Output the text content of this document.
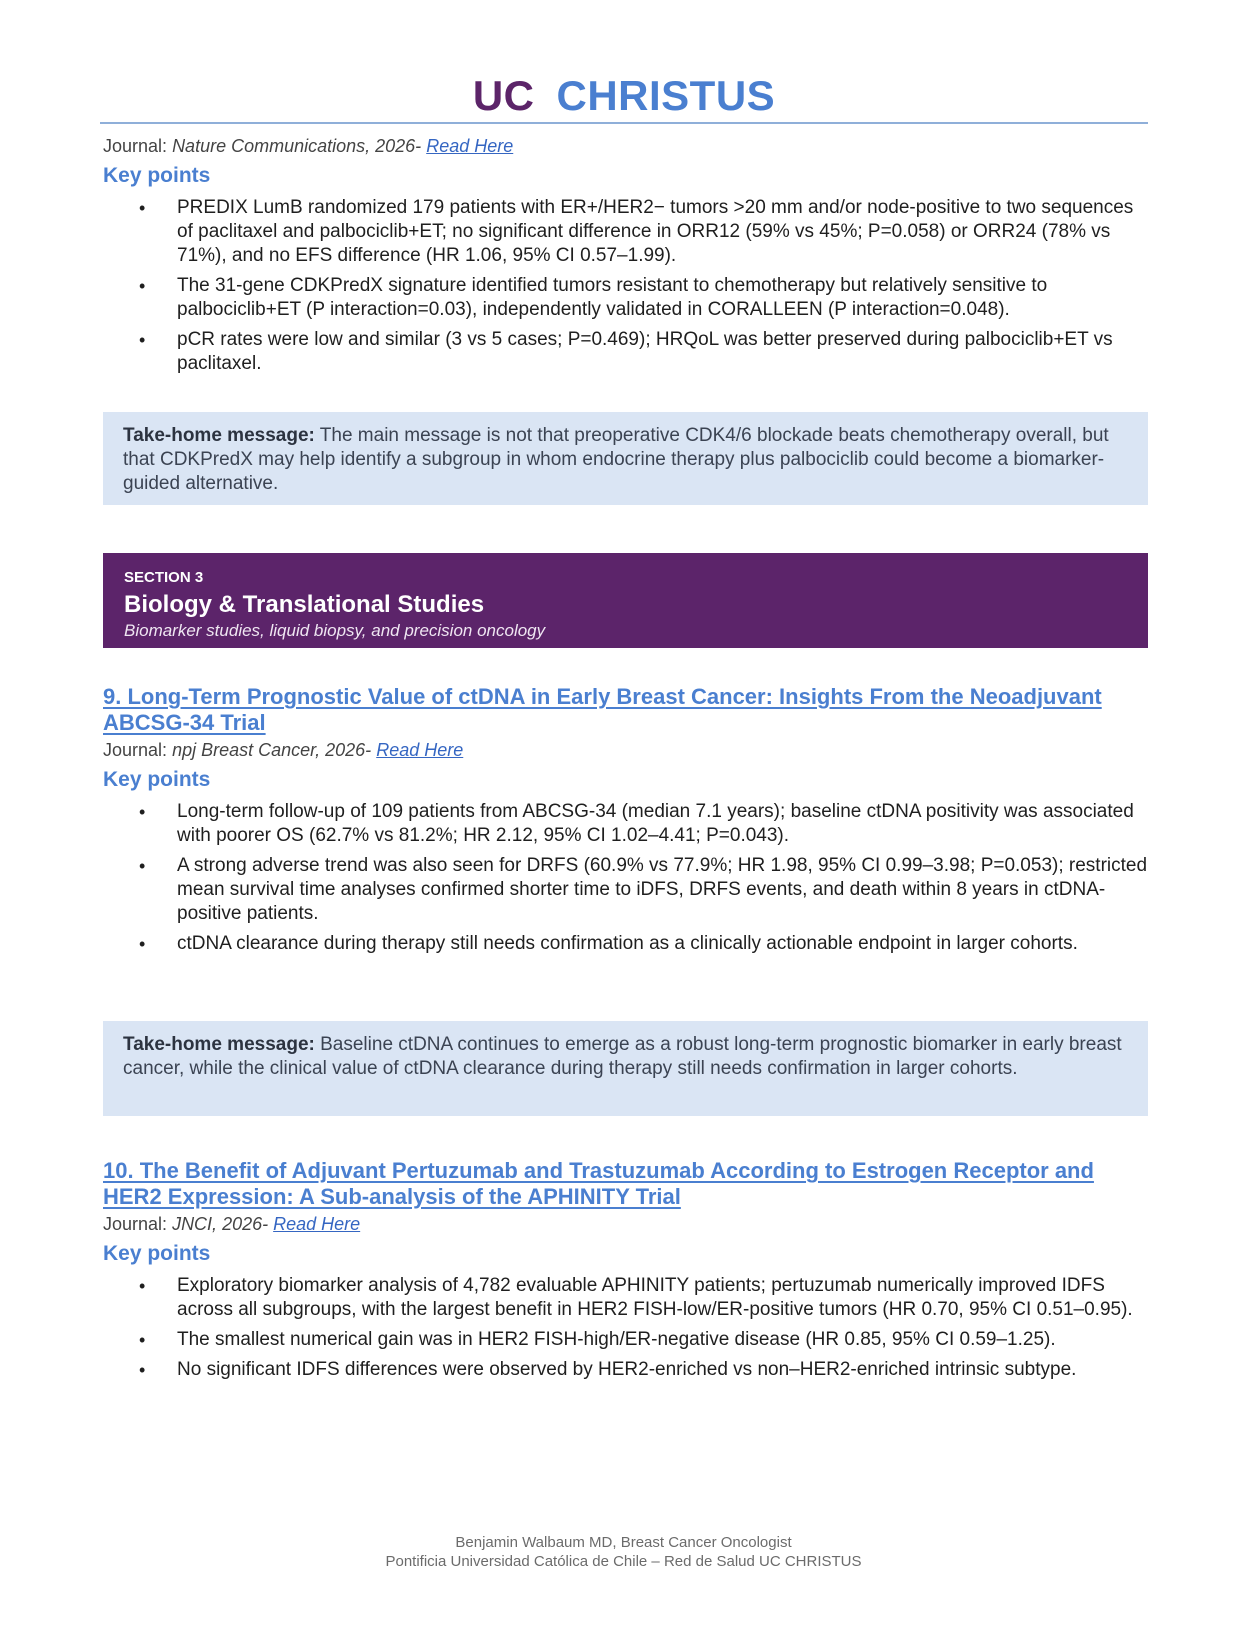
UC CHRISTUS
Journal: Nature Communications, 2026- Read Here
Key points
• PREDIX LumB randomized 179 patients with ER+/HER2− tumors >20 mm and/or node-positive to two sequences of paclitaxel and palbociclib+ET; no significant difference in ORR12 (59% vs 45%; P=0.058) or ORR24 (78% vs 71%), and no EFS difference (HR 1.06, 95% CI 0.57–1.99).
• The 31-gene CDKPredX signature identified tumors resistant to chemotherapy but relatively sensitive to palbociclib+ET (P interaction=0.03), independently validated in CORALLEEN (P interaction=0.048).
• pCR rates were low and similar (3 vs 5 cases; P=0.469); HRQoL was better preserved during palbociclib+ET vs paclitaxel.
Take-home message: The main message is not that preoperative CDK4/6 blockade beats chemotherapy overall, but that CDKPredX may help identify a subgroup in whom endocrine therapy plus palbociclib could become a biomarker-guided alternative.
SECTION 3
Biology & Translational Studies
Biomarker studies, liquid biopsy, and precision oncology
9. Long-Term Prognostic Value of ctDNA in Early Breast Cancer: Insights From the Neoadjuvant ABCSG-34 Trial
Journal: npj Breast Cancer, 2026- Read Here
Key points
• Long-term follow-up of 109 patients from ABCSG-34 (median 7.1 years); baseline ctDNA positivity was associated with poorer OS (62.7% vs 81.2%; HR 2.12, 95% CI 1.02–4.41; P=0.043).
• A strong adverse trend was also seen for DRFS (60.9% vs 77.9%; HR 1.98, 95% CI 0.99–3.98; P=0.053); restricted mean survival time analyses confirmed shorter time to iDFS, DRFS events, and death within 8 years in ctDNA-positive patients.
• ctDNA clearance during therapy still needs confirmation as a clinically actionable endpoint in larger cohorts.
Take-home message: Baseline ctDNA continues to emerge as a robust long-term prognostic biomarker in early breast cancer, while the clinical value of ctDNA clearance during therapy still needs confirmation in larger cohorts.
10. The Benefit of Adjuvant Pertuzumab and Trastuzumab According to Estrogen Receptor and HER2 Expression: A Sub-analysis of the APHINITY Trial
Journal: JNCI, 2026- Read Here
Key points
• Exploratory biomarker analysis of 4,782 evaluable APHINITY patients; pertuzumab numerically improved IDFS across all subgroups, with the largest benefit in HER2 FISH-low/ER-positive tumors (HR 0.70, 95% CI 0.51–0.95).
• The smallest numerical gain was in HER2 FISH-high/ER-negative disease (HR 0.85, 95% CI 0.59–1.25).
• No significant IDFS differences were observed by HER2-enriched vs non–HER2-enriched intrinsic subtype.
Benjamin Walbaum MD, Breast Cancer Oncologist
Pontificia Universidad Católica de Chile – Red de Salud UC CHRISTUS
